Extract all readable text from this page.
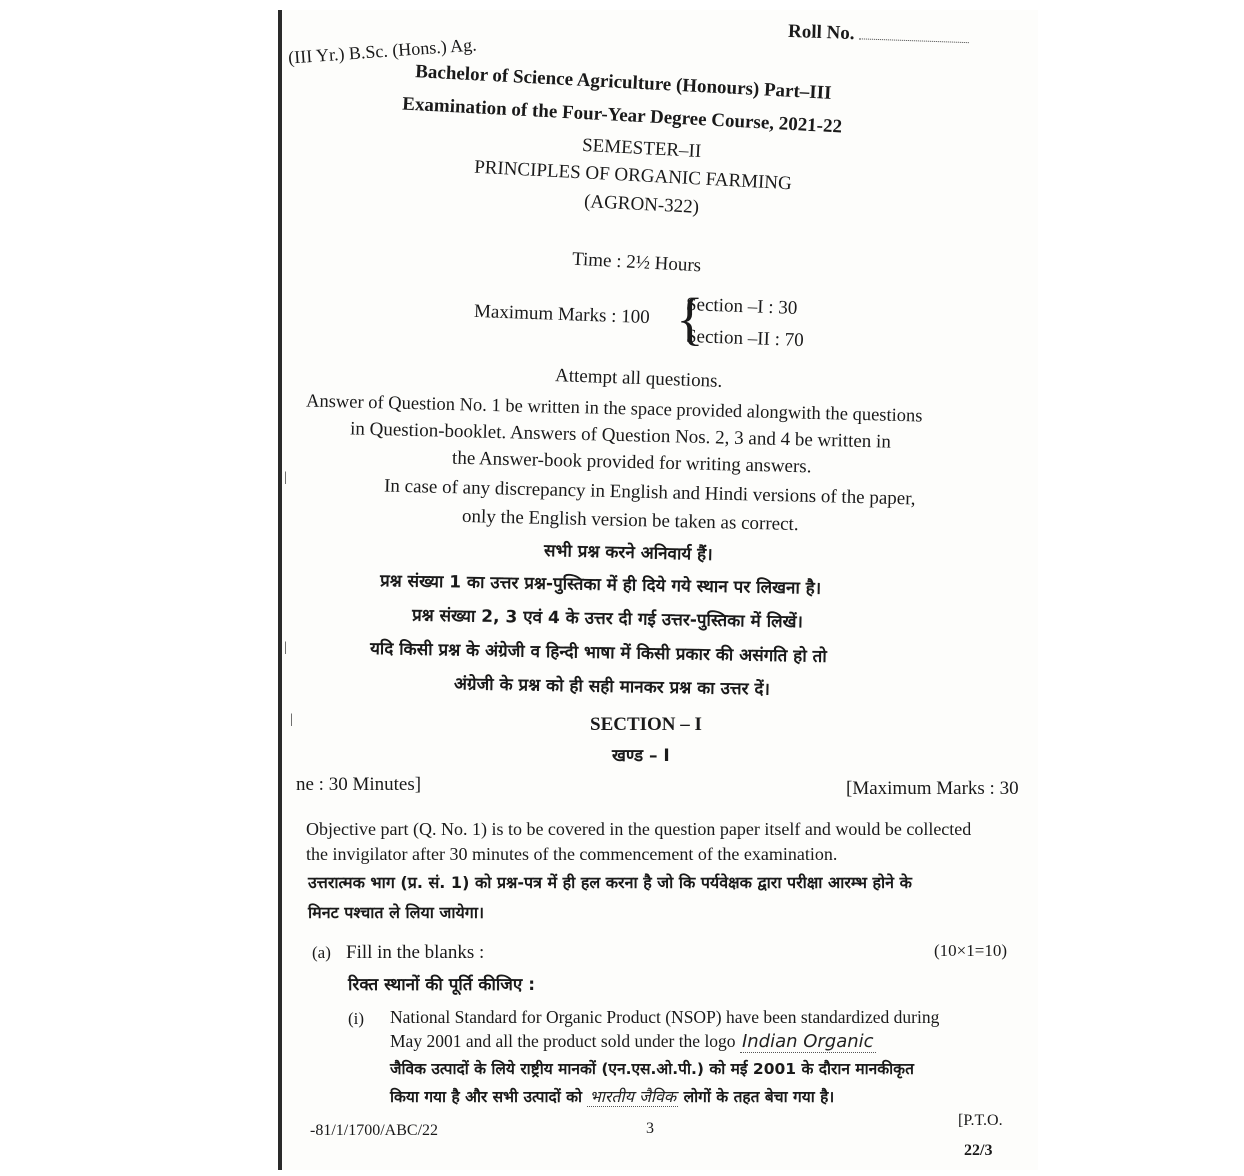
Roll No.
(III Yr.) B.Sc. (Hons.) Ag.
Bachelor of Science Agriculture (Honours) Part–III
Examination of the Four-Year Degree Course, 2021-22
SEMESTER–II
PRINCIPLES OF ORGANIC FARMING
(AGRON-322)
Time : 2½ Hours
Maximum Marks : 100 {
Section –I : 30
Section –II : 70
Attempt all questions.
Answer of Question No. 1 be written in the space provided alongwith the questions
in Question-booklet. Answers of Question Nos. 2, 3 and 4 be written in
the Answer-book provided for writing answers.
In case of any discrepancy in English and Hindi versions of the paper,
only the English version be taken as correct.
सभी प्रश्न करने अनिवार्य हैं।
प्रश्न संख्या 1 का उत्तर प्रश्न-पुस्तिका में ही दिये गये स्थान पर लिखना है।
प्रश्न संख्या 2, 3 एवं 4 के उत्तर दी गई उत्तर-पुस्तिका में लिखें।
यदि किसी प्रश्न के अंग्रेजी व हिन्दी भाषा में किसी प्रकार की असंगति हो तो
अंग्रेजी के प्रश्न को ही सही मानकर प्रश्न का उत्तर दें।
SECTION – I
खण्ड – I
ne : 30 Minutes]	[Maximum Marks : 30
Objective part (Q. No. 1) is to be covered in the question paper itself and would be collected
the invigilator after 30 minutes of the commencement of the examination.
उत्तरात्मक भाग (प्र. सं. 1) को प्रश्न-पत्र में ही हल करना है जो कि पर्यवेक्षक द्वारा परीक्षा आरम्भ होने के
मिनट पश्चात ले लिया जायेगा।
(a) Fill in the blanks :	(10×1=10)
रिक्त स्थानों की पूर्ति कीजिए :
(i) National Standard for Organic Product (NSOP) have been standardized during
May 2001 and all the product sold under the logo Indian Organic
जैविक उत्पादों के लिये राष्ट्रीय मानकों (एन.एस.ओ.पी.) को मई 2001 के दौरान मानकीकृत
किया गया है और सभी उत्पादों को भारतीय जैविक लोगों के तहत बेचा गया है।
-81/1/1700/ABC/22	3	[P.T.O.
22/3
|
|
|
